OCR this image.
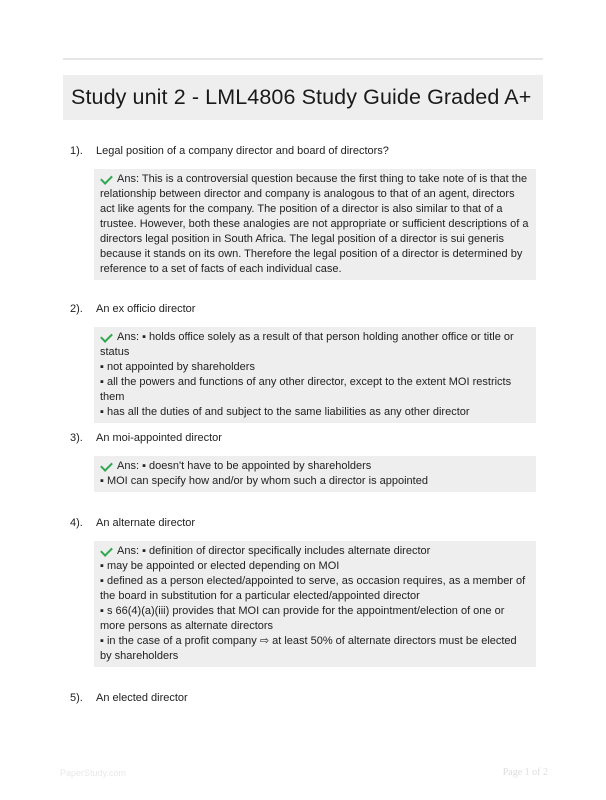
Study unit 2 - LML4806 Study Guide Graded A+
1).	Legal position of a company director and board of directors?
Ans: This is a controversial question because the first thing to take note of is that the relationship between director and company is analogous to that of an agent, directors act like agents for the company. The position of a director is also similar to that of a trustee. However, both these analogies are not appropriate or sufficient descriptions of a directors legal position in South Africa. The legal position of a director is sui generis because it stands on its own. Therefore the legal position of a director is determined by reference to a set of facts of each individual case.
2).	An ex officio director
Ans: ▪ holds office solely as a result of that person holding another office or title or status
▪ not appointed by shareholders
▪ all the powers and functions of any other director, except to the extent MOI restricts them
▪ has all the duties of and subject to the same liabilities as any other director
3).	An moi-appointed director
Ans: ▪ doesn't have to be appointed by shareholders
▪ MOI can specify how and/or by whom such a director is appointed
4).	An alternate director
Ans: ▪ definition of director specifically includes alternate director
▪ may be appointed or elected depending on MOI
▪ defined as a person elected/appointed to serve, as occasion requires, as a member of the board in substitution for a particular elected/appointed director
▪ s 66(4)(a)(iii) provides that MOI can provide for the appointment/election of one or more persons as alternate directors
▪ in the case of a profit company ⇨ at least 50% of alternate directors must be elected by shareholders
5).	An elected director
PaperStudy.com	Page 1 of 2
